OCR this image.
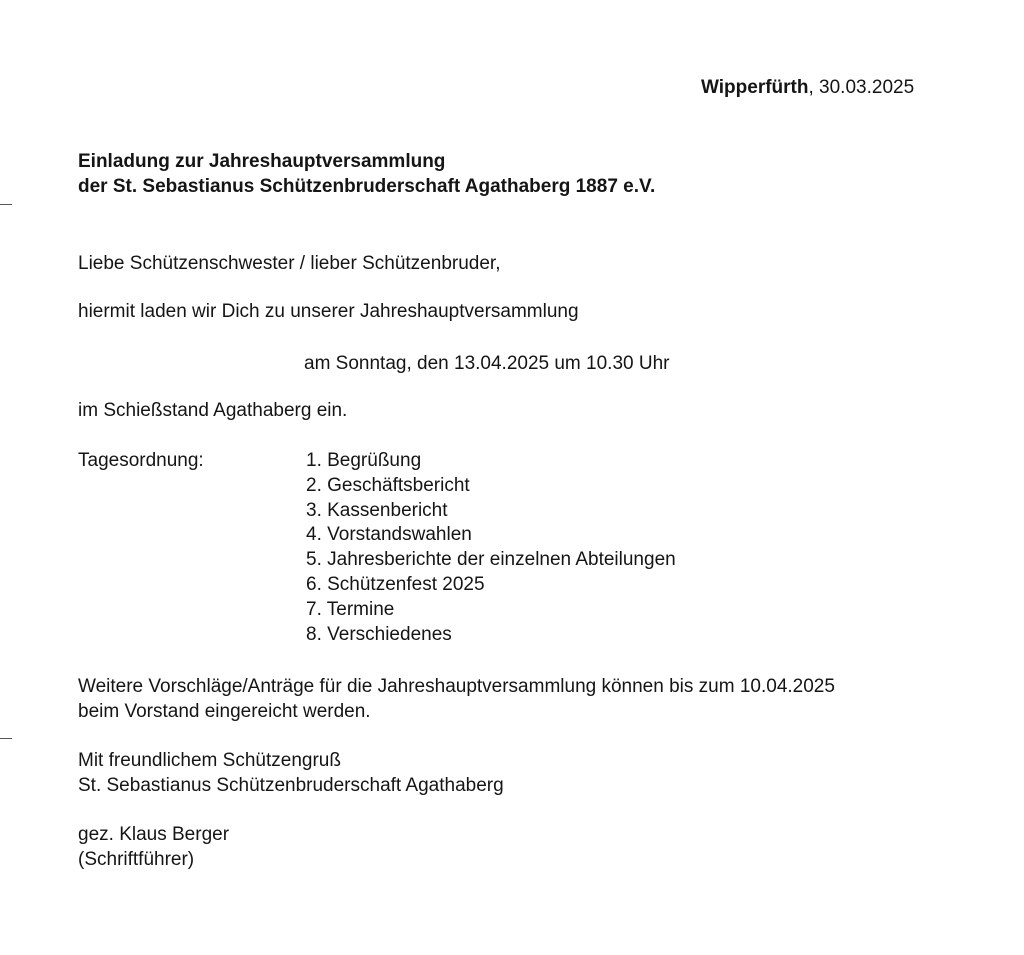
Wipperfürth, 30.03.2025
Einladung zur Jahreshauptversammlung
der St. Sebastianus Schützenbruderschaft Agathaberg 1887 e.V.
Liebe Schützenschwester / lieber Schützenbruder,
hiermit laden wir Dich zu unserer Jahreshauptversammlung
am Sonntag, den 13.04.2025 um 10.30 Uhr
im Schießstand Agathaberg ein.
Tagesordnung:	1. Begrüßung
2. Geschäftsbericht
3. Kassenbericht
4. Vorstandswahlen
5. Jahresberichte der einzelnen Abteilungen
6. Schützenfest 2025
7. Termine
8. Verschiedenes
Weitere Vorschläge/Anträge für die Jahreshauptversammlung können bis zum 10.04.2025
beim Vorstand eingereicht werden.
Mit freundlichem Schützengruß
St. Sebastianus Schützenbruderschaft Agathaberg
gez. Klaus Berger
(Schriftführer)
